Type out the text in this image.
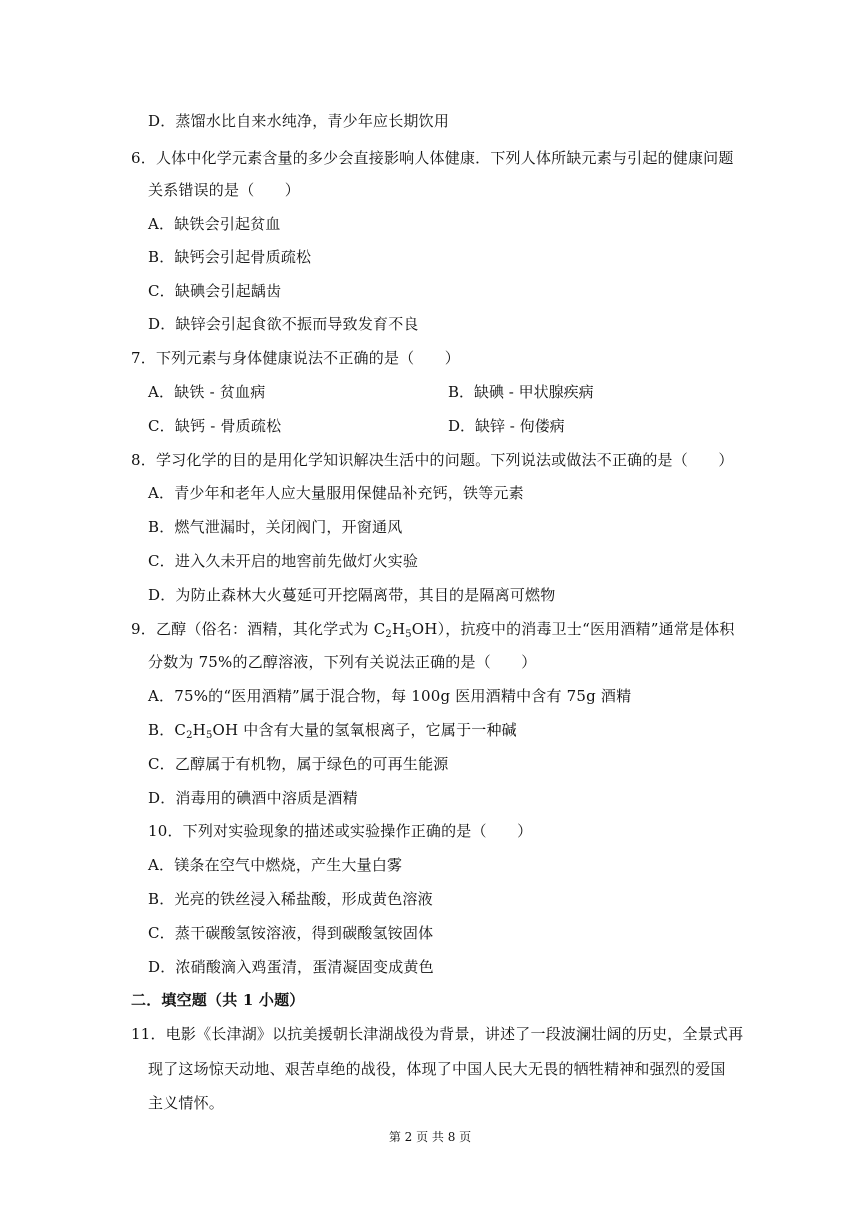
D．蒸馏水比自来水纯净，青少年应长期饮用
6．人体中化学元素含量的多少会直接影响人体健康．下列人体所缺元素与引起的健康问题
关系错误的是（　　）
A．缺铁会引起贫血
B．缺钙会引起骨质疏松
C．缺碘会引起龋齿
D．缺锌会引起食欲不振而导致发育不良
7．下列元素与身体健康说法不正确的是（　　）
A．缺铁 - 贫血病	B．缺碘 - 甲状腺疾病
C．缺钙 - 骨质疏松	D．缺锌 - 佝偻病
8．学习化学的目的是用化学知识解决生活中的问题。下列说法或做法不正确的是（　　）
A．青少年和老年人应大量服用保健品补充钙，铁等元素
B．燃气泄漏时，关闭阀门，开窗通风
C．进入久未开启的地窖前先做灯火实验
D．为防止森林大火蔓延可开挖隔离带，其目的是隔离可燃物
9．乙醇（俗名：酒精，其化学式为 $C_2H_5OH$），抗疫中的消毒卫士“医用酒精”通常是体积
分数为 75%的乙醇溶液，下列有关说法正确的是（　　）
A．75%的“医用酒精”属于混合物，每 100g 医用酒精中含有 75g 酒精
B．$C_2H_5OH$ 中含有大量的氢氧根离子，它属于一种碱
C．乙醇属于有机物，属于绿色的可再生能源
D．消毒用的碘酒中溶质是酒精
10．下列对实验现象的描述或实验操作正确的是（　　）
A．镁条在空气中燃烧，产生大量白雾
B．光亮的铁丝浸入稀盐酸，形成黄色溶液
C．蒸干碳酸氢铵溶液，得到碳酸氢铵固体
D．浓硝酸滴入鸡蛋清，蛋清凝固变成黄色
二．填空题（共 1 小题）
11．电影《长津湖》以抗美援朝长津湖战役为背景，讲述了一段波澜壮阔的历史，全景式再
现了这场惊天动地、艰苦卓绝的战役，体现了中国人民大无畏的牺牲精神和强烈的爱国
主义情怀。
第 2 页 共 8 页
